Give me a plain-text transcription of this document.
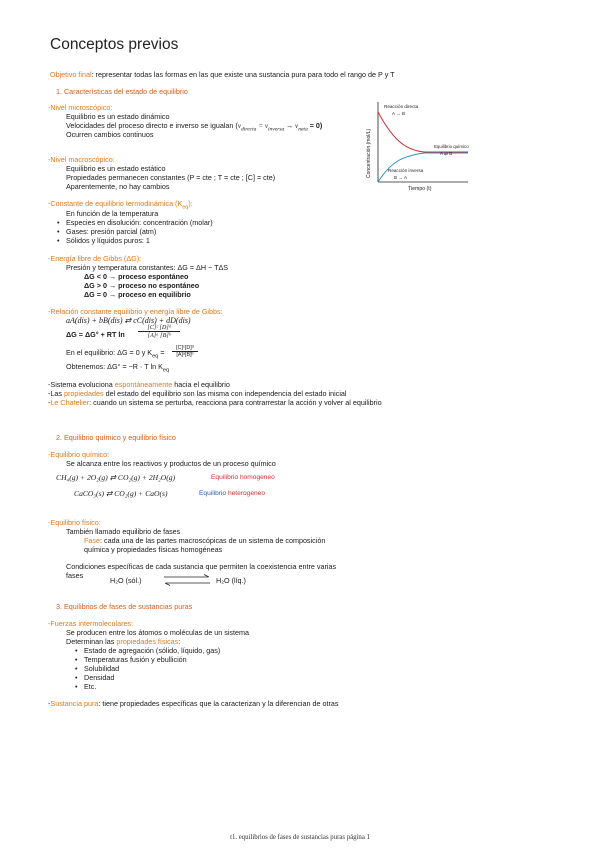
Conceptos previos
Objetivo final: representar todas las formas en las que existe una sustancia pura para todo el rango de P y T
1. Características del estado de equilibrio
-Nivel microscópico:
Equilibrio es un estado dinámico
Velocidades del proceso directo e inverso se igualan $(v_{directa} = v_{inversa} \to v_{neta} = 0)$
Ocurren cambios continuos
-Nivel macroscópico:
Equilibrio es un estado estático
Propiedades permanecen constantes (P = cte ; T = cte ; [C] = cte)
Aparentemente, no hay cambios
-Constante de equilibrio termodinámica $(K_{eq})$:
En función de la temperatura
• Especies en disolución: concentración (molar)
• Gases: presión parcial (atm)
• Sólidos y líquidos puros: 1
-Energía libre de Gibbs (ΔG):
Presión y temperatura constantes: ΔG = ΔH − TΔS
ΔG < 0 → proceso espontáneo
ΔG > 0 → proceso no espontáneo
ΔG = 0 → proceso en equilibrio
-Relación constante equilibrio y energía libre de Gibbs:
aA(dis) + bB(dis) ⇄ cC(dis) + dD(dis)
ΔG = ΔG° + RT ln
[C]ᶜ [D]ᵈ
[A]ᵃ [B]ᵇ
En el equilibrio: ΔG = 0 y $K_{eq}$ =	[C]ᶜ[D]ᵈ
[A]ᵃ[B]ᵇ
Obtenemos: ΔG° = −R · T $\ln K_{eq}$
-Sistema evoluciona espontáneamente hacia el equilibrio
-Las propiedades del estado del equilibrio son las misma con independencia del estado inicial
-Le Chatelier: cuando un sistema se perturba, reacciona para contrarrestar la acción y volver al equilibrio
Concentración (mol/L)
Tiempo (t)
Reacción directa
A → B
Equilibrio químico
A ⇄ B
Reacción inversa
B → A
2. Equilibrio químico y equilibrio físico
-Equilibrio químico:
Se alcanza entre los reactivos y productos de un proceso químico
CH₄(g) + 2O₂(g) ⇄ CO₂(g) + 2H₂O(g)	Equilibrio homogeneo
CaCO₃(s) ⇄ CO₂(g) + CaO(s)	Equilibrio heterogeneo
-Equilibrio físico:
También llamado equilibrio de fases
Fase: cada una de las partes macroscópicas de un sistema de composición
química y propiedades físicas homogéneas
Condiciones específicas de cada sustancia que permiten la coexistencia entre varias
fases
H₂O (sól.)	H₂O (líq.)
3. Equilibrios de fases de sustancias puras
-Fuerzas intermoleculares:
Se producen entre los átomos o moléculas de un sistema
Determinan las propiedades físicas:
• Estado de agregación (sólido, líquido, gas)
• Temperaturas fusión y ebullición
• Solubilidad
• Densidad
• Etc.
-Sustancia pura: tiene propiedades específicas que la caracterizan y la diferencian de otras
t1. equilibrios de fases de sustancias puras página 1
